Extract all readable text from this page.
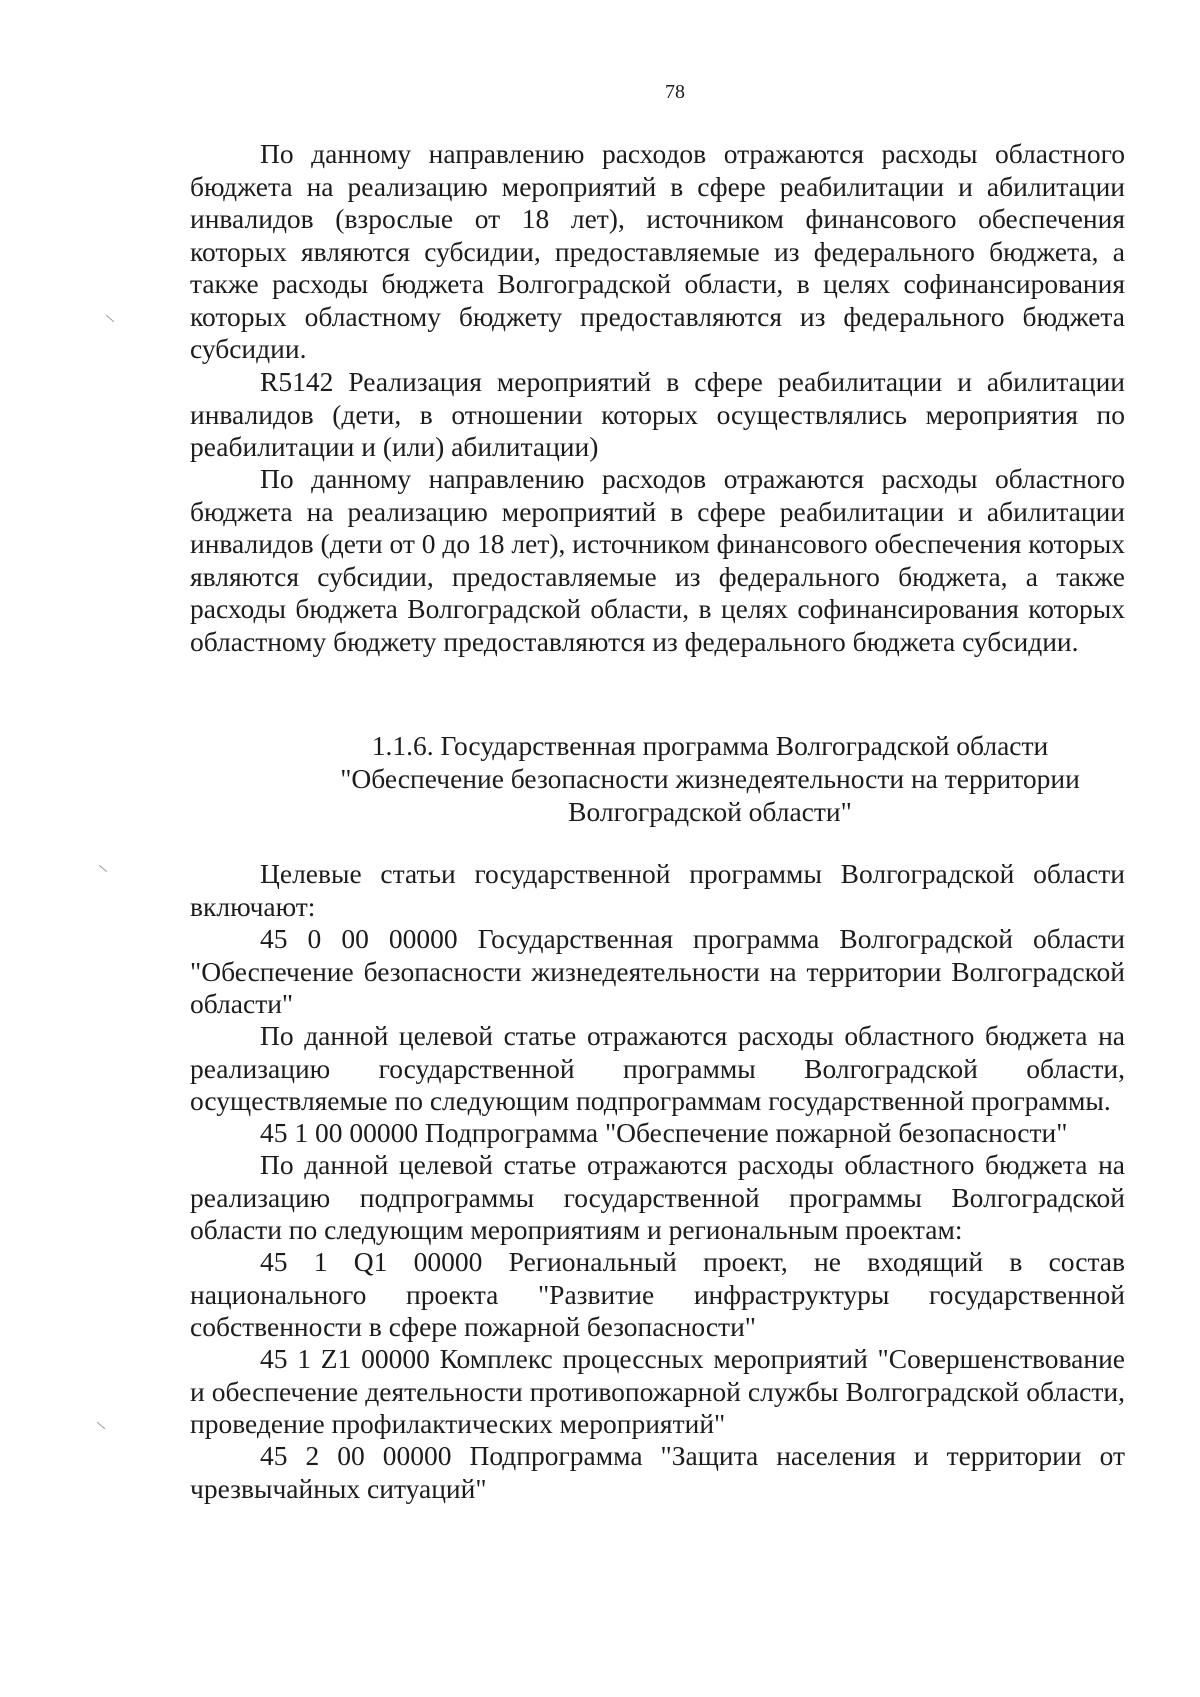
78

По данному направлению расходов отражаются расходы областного бюджета на реализацию мероприятий в сфере реабилитации и абилитации инвалидов (взрослые от 18 лет), источником финансового обеспечения которых являются субсидии, предоставляемые из федерального бюджета, а также расходы бюджета Волгоградской области, в целях софинансирования которых областному бюджету предоставляются из федерального бюджета субсидии.

R5142 Реализация мероприятий в сфере реабилитации и абилитации инвалидов (дети, в отношении которых осуществлялись мероприятия по реабилитации и (или) абилитации)

По данному направлению расходов отражаются расходы областного бюджета на реализацию мероприятий в сфере реабилитации и абилитации инвалидов (дети от 0 до 18 лет), источником финансового обеспечения которых являются субсидии, предоставляемые из федерального бюджета, а также расходы бюджета Волгоградской области, в целях софинансирования которых областному бюджету предоставляются из федерального бюджета субсидии.

1.1.6. Государственная программа Волгоградской области
"Обеспечение безопасности жизнедеятельности на территории
Волгоградской области"

Целевые статьи государственной программы Волгоградской области включают:

45 0 00 00000 Государственная программа Волгоградской области "Обеспечение безопасности жизнедеятельности на территории Волгоградской области"

По данной целевой статье отражаются расходы областного бюджета на реализацию государственной программы Волгоградской области, осуществляемые по следующим подпрограммам государственной программы.

45 1 00 00000 Подпрограмма "Обеспечение пожарной безопасности"

По данной целевой статье отражаются расходы областного бюджета на реализацию подпрограммы государственной программы Волгоградской области по следующим мероприятиям и региональным проектам:

45 1 Q1 00000 Региональный проект, не входящий в состав национального проекта "Развитие инфраструктуры государственной собственности в сфере пожарной безопасности"

45 1 Z1 00000 Комплекс процессных мероприятий "Совершенствование и обеспечение деятельности противопожарной службы Волгоградской области, проведение профилактических мероприятий"

45 2 00 00000 Подпрограмма "Защита населения и территории от чрезвычайных ситуаций"
